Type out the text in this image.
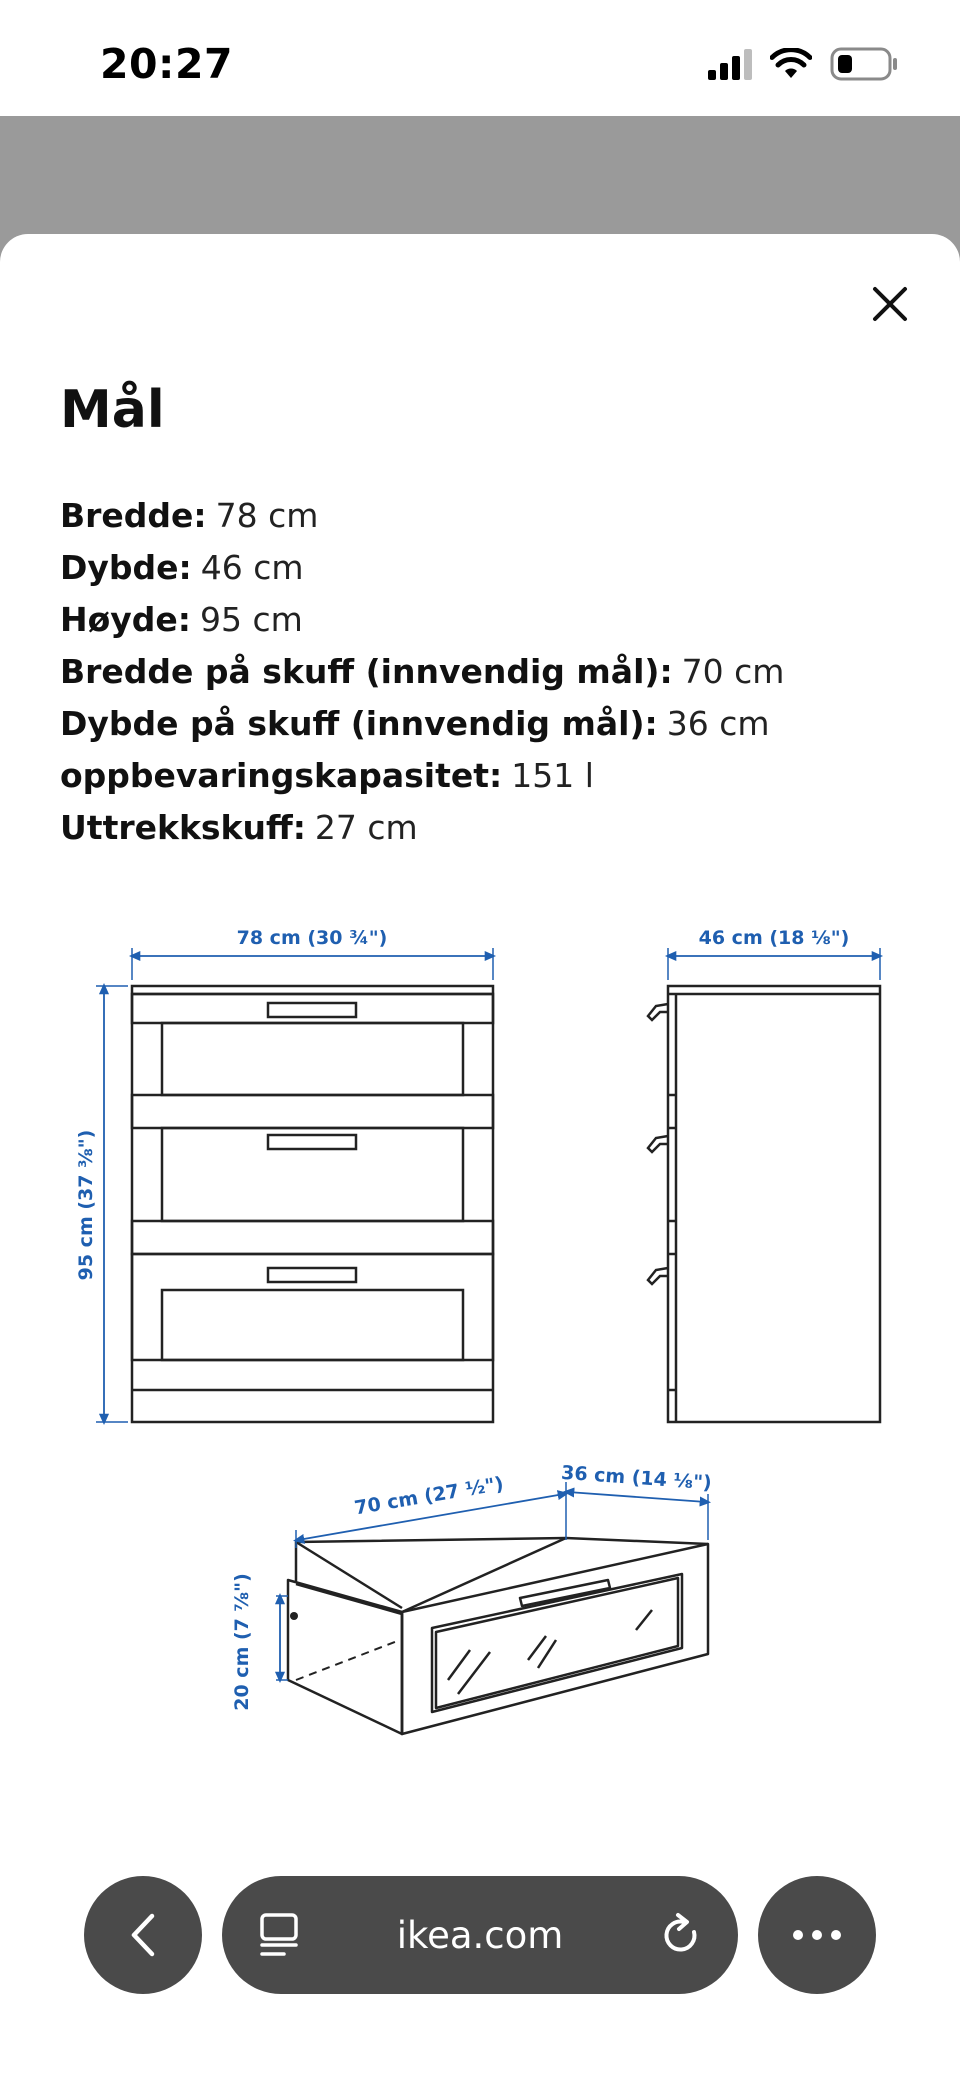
20:27
Mål
Bredde: 78 cm
Dybde: 46 cm
Høyde: 95 cm
Bredde på skuff (innvendig mål): 70 cm
Dybde på skuff (innvendig mål): 36 cm
oppbevaringskapasitet: 151 l
Uttrekkskuff: 27 cm
78 cm (30 ¾")
95 cm (37 ⅜")
46 cm (18 ⅛")
70 cm (27 ½")	36 cm (14 ⅛")
20 cm (7 ⅞")
ikea.com
